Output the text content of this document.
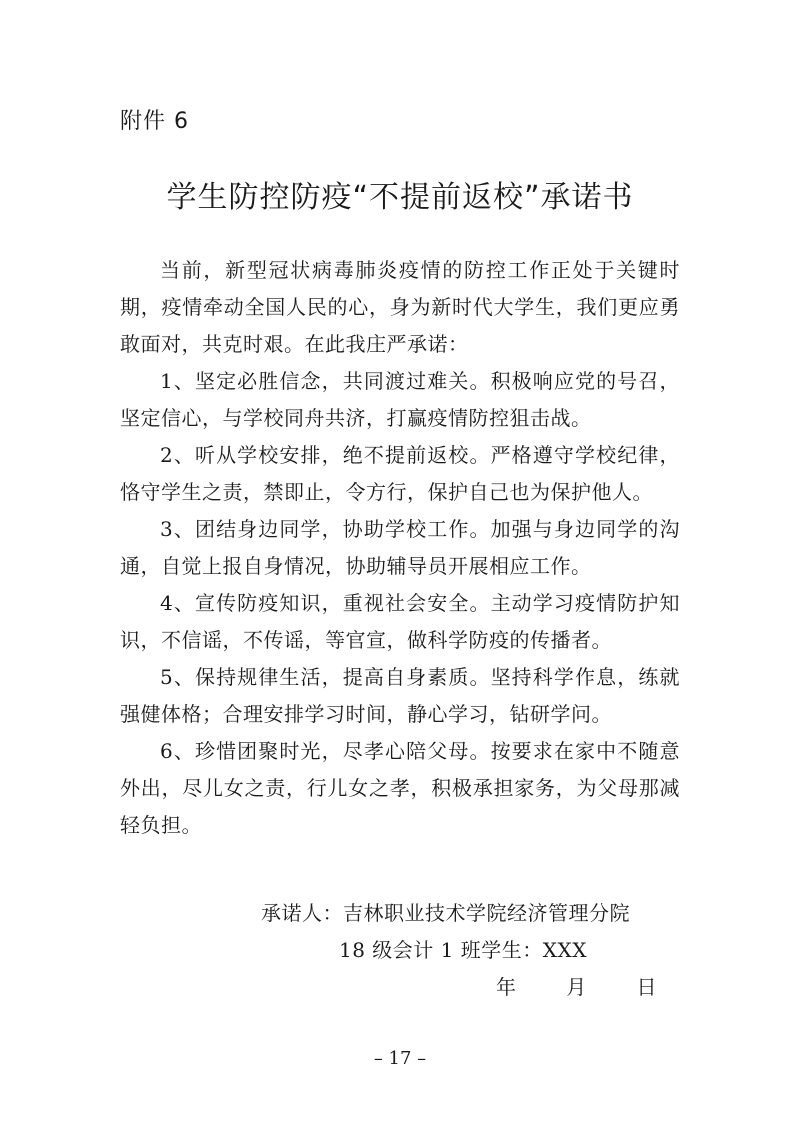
附件 6
学生防控防疫“不提前返校”承诺书

当前，新型冠状病毒肺炎疫情的防控工作正处于关键时期，疫情牵动全国人民的心，身为新时代大学生，我们更应勇敢面对，共克时艰。在此我庄严承诺：

1、坚定必胜信念，共同渡过难关。积极响应党的号召，坚定信心，与学校同舟共济，打赢疫情防控狙击战。

2、听从学校安排，绝不提前返校。严格遵守学校纪律，恪守学生之责，禁即止，令方行，保护自己也为保护他人。

3、团结身边同学，协助学校工作。加强与身边同学的沟通，自觉上报自身情况，协助辅导员开展相应工作。

4、宣传防疫知识，重视社会安全。主动学习疫情防护知识，不信谣，不传谣，等官宣，做科学防疫的传播者。

5、保持规律生活，提高自身素质。坚持科学作息，练就强健体格；合理安排学习时间，静心学习，钻研学问。

6、珍惜团聚时光，尽孝心陪父母。按要求在家中不随意外出，尽儿女之责，行儿女之孝，积极承担家务，为父母那减轻负担。

承诺人：吉林职业技术学院经济管理分院
18 级会计 1 班学生：XXX
年 月 日
– 17 –
